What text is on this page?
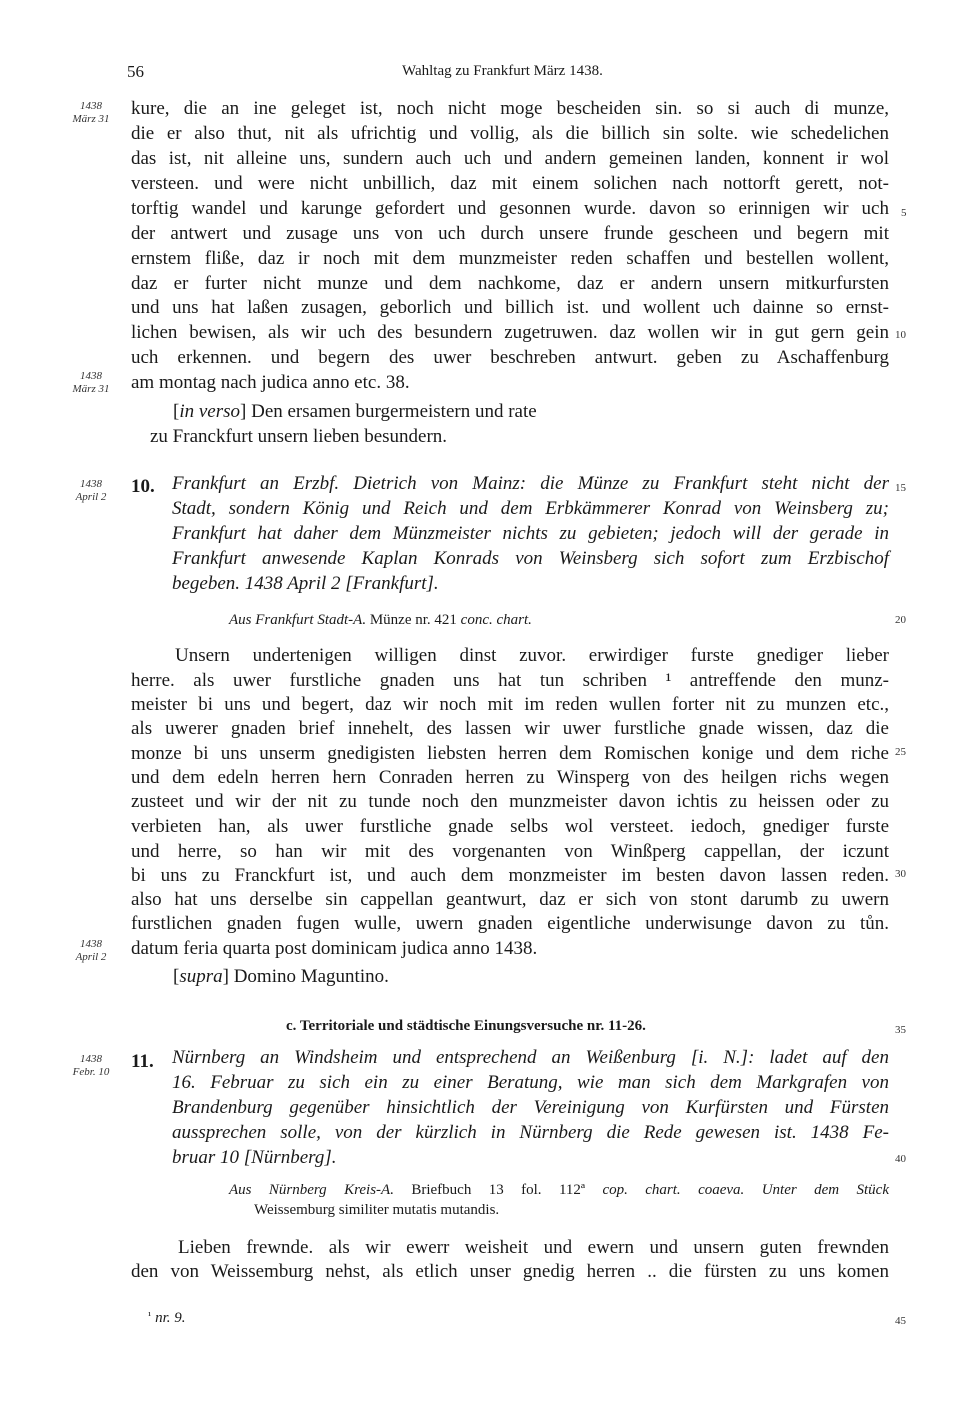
56	Wahltag zu Frankfurt März 1438.
1438
März 31
1438
März 31
1438
April 2
1438
April 2
1438
Febr. 10
5
10
15
20
25
30
35
40
45
kure, die an ine geleget ist, noch nicht moge bescheiden sin. so si auch di munze,
die er also thut, nit als ufrichtig und vollig, als die billich sin solte. wie schedelichen
das ist, nit alleine uns, sundern auch uch und andern gemeinen landen, konnent ir wol
versteen. und were nicht unbillich, daz mit einem solichen nach nottorft gerett, not-
torftig wandel und karunge gefordert und gesonnen wurde. davon so erinnigen wir uch
der antwert und zusage uns von uch durch unsere frunde gescheen und begern mit
ernstem fliße, daz ir noch mit dem munzmeister reden schaffen und bestellen wollent,
daz er furter nicht munze und dem nachkome, daz er andern unsern mitkurfursten
und uns hat laßen zusagen, geborlich und billich ist. und wollent uch dainne so ernst-
lichen bewisen, als wir uch des besundern zugetruwen. daz wollen wir in gut gern gein
uch erkennen. und begern des uwer beschreben antwurt. geben zu Aschaffenburg
am montag nach judica anno etc. 38.
[in verso] Den ersamen burgermeistern und rate
zu Franckfurt unsern lieben besundern.
10. Frankfurt an Erzbf. Dietrich von Mainz: die Münze zu Frankfurt steht nicht der
Stadt, sondern König und Reich und dem Erbkämmerer Konrad von Weinsberg zu;
Frankfurt hat daher dem Münzmeister nichts zu gebieten; jedoch will der gerade in
Frankfurt anwesende Kaplan Konrads von Weinsberg sich sofort zum Erzbischof
begeben. 1438 April 2 [Frankfurt].
Aus Frankfurt Stadt-A. Münze nr. 421 conc. chart.
Unsern undertenigen willigen dinst zuvor. erwirdiger furste gnediger lieber
herre. als uwer furstliche gnaden uns hat tun schriben ¹ antreffende den munz-
meister bi uns und begert, daz wir noch mit im reden wullen forter nit zu munzen etc.,
als uwerer gnaden brief innehelt, des lassen wir uwer furstliche gnade wissen, daz die
monze bi uns unserm gnedigisten liebsten herren dem Romischen konige und dem riche
und dem edeln herren hern Conraden herren zu Winsperg von des heilgen richs wegen
zusteet und wir der nit zu tunde noch den munzmeister davon ichtis zu heissen oder zu
verbieten han, als uwer furstliche gnade selbs wol versteet. iedoch, gnediger furste
und herre, so han wir mit des vorgenanten von Winßperg cappellan, der iczunt
bi uns zu Franckfurt ist, und auch dem monzmeister im besten davon lassen reden.
also hat uns derselbe sin cappellan geantwurt, daz er sich von stont darumb zu uwern
furstlichen gnaden fugen wulle, uwern gnaden eigentliche underwisunge davon zu tůn.
datum feria quarta post dominicam judica anno 1438.
[supra] Domino Maguntino.
c. Territoriale und städtische Einungsversuche nr. 11-26.
11. Nürnberg an Windsheim und entsprechend an Weißenburg [i. N.]: ladet auf den
16. Februar zu sich ein zu einer Beratung, wie man sich dem Markgrafen von
Brandenburg gegenüber hinsichtlich der Vereinigung von Kurfürsten und Fürsten
aussprechen solle, von der kürzlich in Nürnberg die Rede gewesen ist. 1438 Fe-
bruar 10 [Nürnberg].
Aus Nürnberg Kreis-A. Briefbuch 13 fol. 112ª cop. chart. coaeva. Unter dem Stück
Weissemburg similiter mutatis mutandis.
Lieben frewnde. als wir ewerr weisheit und ewern und unsern guten frewnden
den von Weissemburg nehst, als etlich unser gnedig herren .. die fürsten zu uns komen
$^{^1}$ nr. 9.
